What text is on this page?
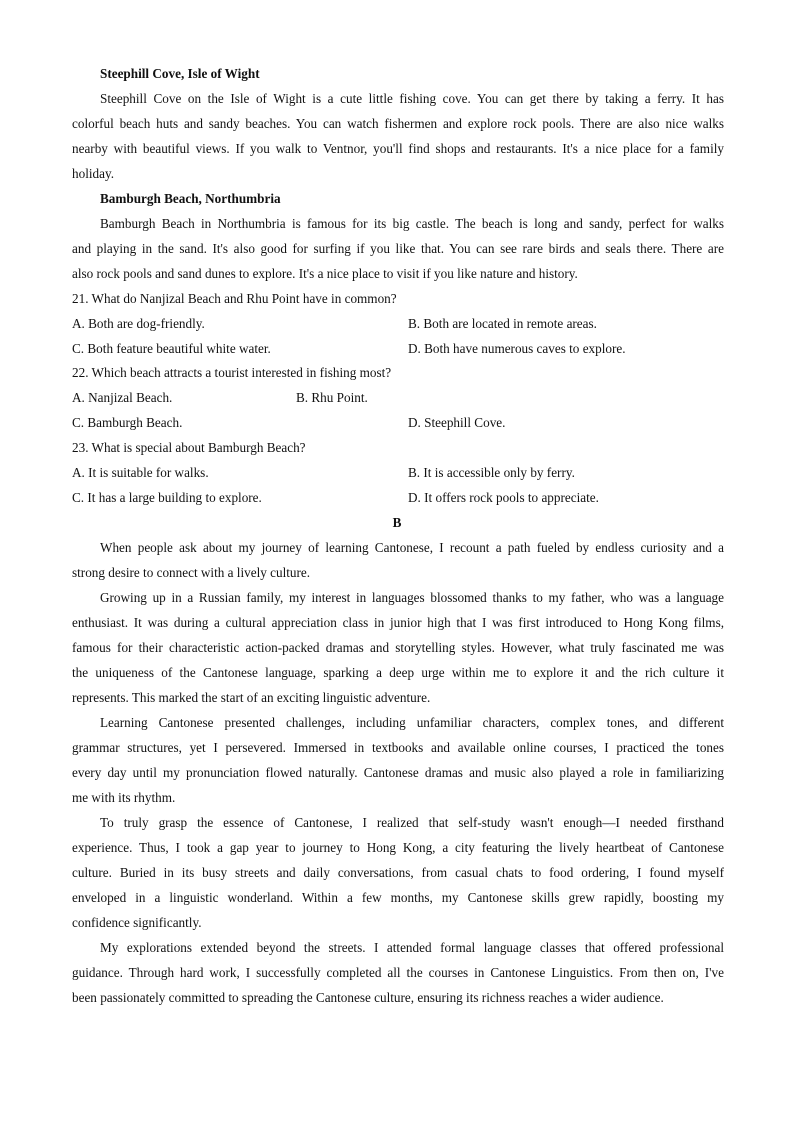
Steephill Cove, Isle of Wight
Steephill Cove on the Isle of Wight is a cute little fishing cove. You can get there by taking a ferry. It has
colorful beach huts and sandy beaches. You can watch fishermen and explore rock pools. There are also nice walks
nearby with beautiful views. If you walk to Ventnor, you'll find shops and restaurants. It's a nice place for a family
holiday.
Bamburgh Beach, Northumbria
Bamburgh Beach in Northumbria is famous for its big castle. The beach is long and sandy, perfect for walks
and playing in the sand. It's also good for surfing if you like that. You can see rare birds and seals there. There are
also rock pools and sand dunes to explore. It's a nice place to visit if you like nature and history.
21. What do Nanjizal Beach and Rhu Point have in common?
A. Both are dog-friendly.	B. Both are located in remote areas.
C. Both feature beautiful white water.	D. Both have numerous caves to explore.
22. Which beach attracts a tourist interested in fishing most?
A. Nanjizal Beach.	B. Rhu Point.
C. Bamburgh Beach.	D. Steephill Cove.
23. What is special about Bamburgh Beach?
A. It is suitable for walks.	B. It is accessible only by ferry.
C. It has a large building to explore.	D. It offers rock pools to appreciate.
B
When people ask about my journey of learning Cantonese, I recount a path fueled by endless curiosity and a
strong desire to connect with a lively culture.
Growing up in a Russian family, my interest in languages blossomed thanks to my father, who was a language
enthusiast. It was during a cultural appreciation class in junior high that I was first introduced to Hong Kong films,
famous for their characteristic action-packed dramas and storytelling styles. However, what truly fascinated me was
the uniqueness of the Cantonese language, sparking a deep urge within me to explore it and the rich culture it
represents. This marked the start of an exciting linguistic adventure.
Learning Cantonese presented challenges, including unfamiliar characters, complex tones, and different
grammar structures, yet I persevered. Immersed in textbooks and available online courses, I practiced the tones
every day until my pronunciation flowed naturally. Cantonese dramas and music also played a role in familiarizing
me with its rhythm.
To truly grasp the essence of Cantonese, I realized that self-study wasn't enough—I needed firsthand
experience. Thus, I took a gap year to journey to Hong Kong, a city featuring the lively heartbeat of Cantonese
culture. Buried in its busy streets and daily conversations, from casual chats to food ordering, I found myself
enveloped in a linguistic wonderland. Within a few months, my Cantonese skills grew rapidly, boosting my
confidence significantly.
My explorations extended beyond the streets. I attended formal language classes that offered professional
guidance. Through hard work, I successfully completed all the courses in Cantonese Linguistics. From then on, I've
been passionately committed to spreading the Cantonese culture, ensuring its richness reaches a wider audience.
